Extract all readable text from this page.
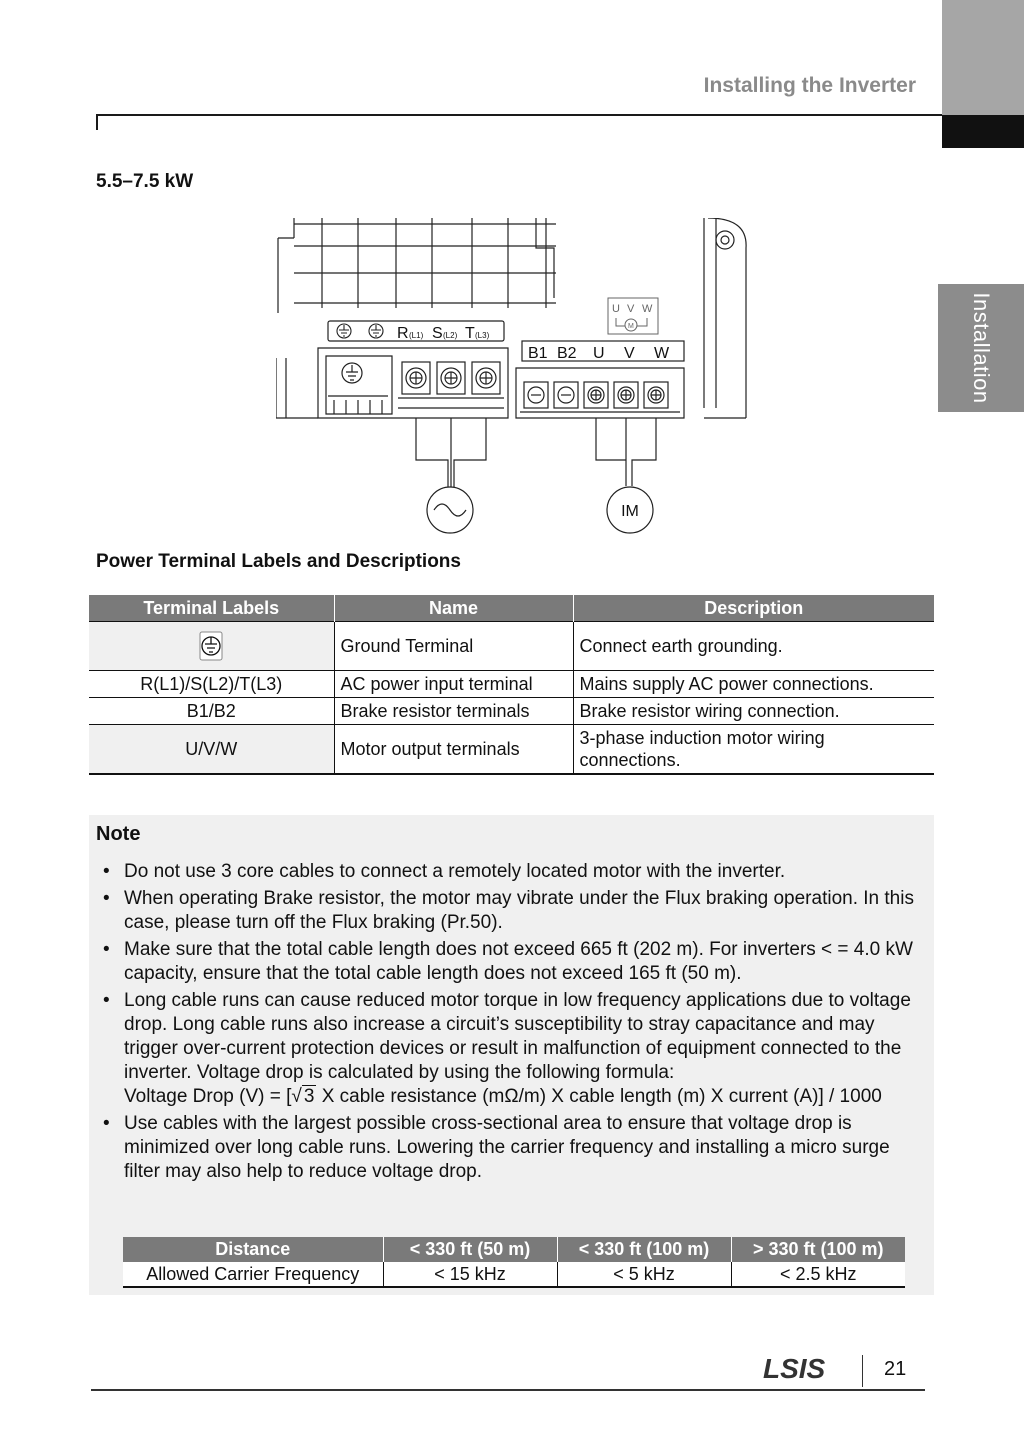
Installing the Inverter
Installation
5.5–7.5 kW
R (L1) S (L2) T (L3)
U V W
M
B1 B2 U V W
IM
Power Terminal Labels and Descriptions
Terminal Labels	Name	Description
	Ground Terminal	Connect earth grounding.
R(L1)/S(L2)/T(L3)	AC power input terminal	Mains supply AC power connections.
B1/B2	Brake resistor terminals	Brake resistor wiring connection.
U/V/W	Motor output terminals	3-phase induction motor wiring connections.
Note
• Do not use 3 core cables to connect a remotely located motor with the inverter.
• When operating Brake resistor, the motor may vibrate under the Flux braking operation. In this case, please turn off the Flux braking (Pr.50).
• Make sure that the total cable length does not exceed 665 ft (202 m). For inverters < = 4.0 kW capacity, ensure that the total cable length does not exceed 165 ft (50 m).
• Long cable runs can cause reduced motor torque in low frequency applications due to voltage drop. Long cable runs also increase a circuit’s susceptibility to stray capacitance and may trigger over-current protection devices or result in malfunction of equipment connected to the inverter. Voltage drop is calculated by using the following formula:
Voltage Drop (V) = [√ 3 X cable resistance (mΩ/m) X cable length (m) X current (A)] / 1000
• Use cables with the largest possible cross-sectional area to ensure that voltage drop is minimized over long cable runs. Lowering the carrier frequency and installing a micro surge filter may also help to reduce voltage drop.
Distance	< 330 ft (50 m)	< 330 ft (100 m)	> 330 ft (100 m)
Allowed Carrier Frequency	< 15 kHz	< 5 kHz	< 2.5 kHz
LSIS	21
